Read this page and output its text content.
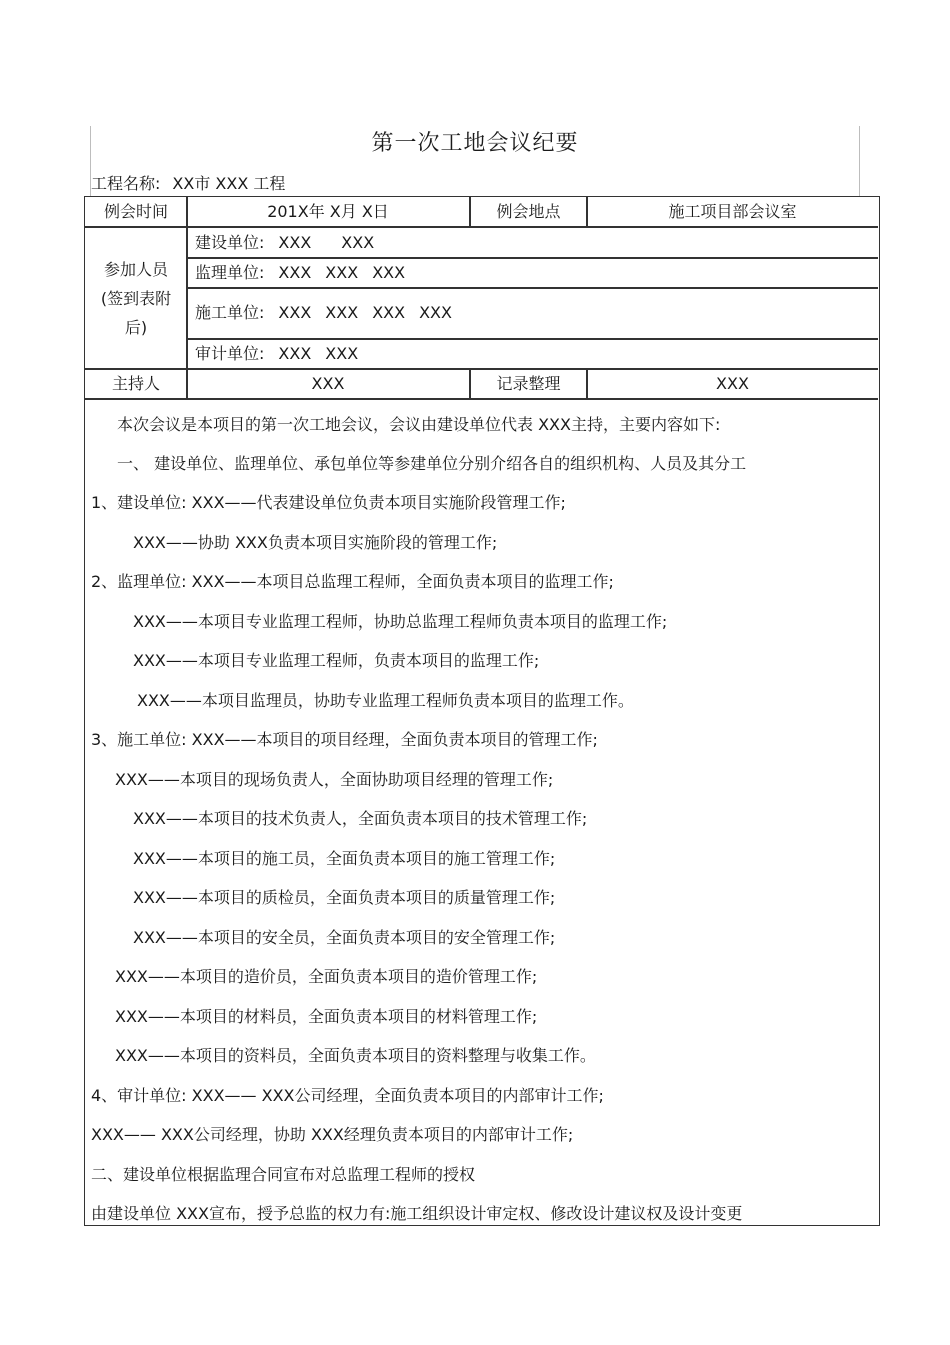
第一次工地会议纪要
工程名称: XX市 XXX 工程
例会时间	201X年 X月 X日	例会地点	施工项目部会议室
参加人员
(签到表附
后)
建设单位: XXX XXX
监理单位: XXX XXX XXX
施工单位: XXX XXX XXX XXX
审计单位: XXX XXX
主持人	XXX	记录整理	XXX
本次会议是本项目的第一次工地会议，会议由建设单位代表 XXX主持，主要内容如下:
一、 建设单位、监理单位、承包单位等参建单位分别介绍各自的组织机构、人员及其分工
1、建设单位: XXX——代表建设单位负责本项目实施阶段管理工作;
XXX——协助 XXX负责本项目实施阶段的管理工作;
2、监理单位: XXX——本项目总监理工程师，全面负责本项目的监理工作;
XXX——本项目专业监理工程师，协助总监理工程师负责本项目的监理工作;
XXX——本项目专业监理工程师，负责本项目的监理工作;
XXX——本项目监理员，协助专业监理工程师负责本项目的监理工作。
3、施工单位: XXX——本项目的项目经理，全面负责本项目的管理工作;
XXX——本项目的现场负责人，全面协助项目经理的管理工作;
XXX——本项目的技术负责人，全面负责本项目的技术管理工作;
XXX——本项目的施工员，全面负责本项目的施工管理工作;
XXX——本项目的质检员，全面负责本项目的质量管理工作;
XXX——本项目的安全员，全面负责本项目的安全管理工作;
XXX——本项目的造价员，全面负责本项目的造价管理工作;
XXX——本项目的材料员，全面负责本项目的材料管理工作;
XXX——本项目的资料员，全面负责本项目的资料整理与收集工作。
4、审计单位: XXX—— XXX公司经理，全面负责本项目的内部审计工作;
XXX—— XXX公司经理，协助 XXX经理负责本项目的内部审计工作;
二、建设单位根据监理合同宣布对总监理工程师的授权
由建设单位 XXX宣布，授予总监的权力有:施工组织设计审定权、修改设计建议权及设计变更
